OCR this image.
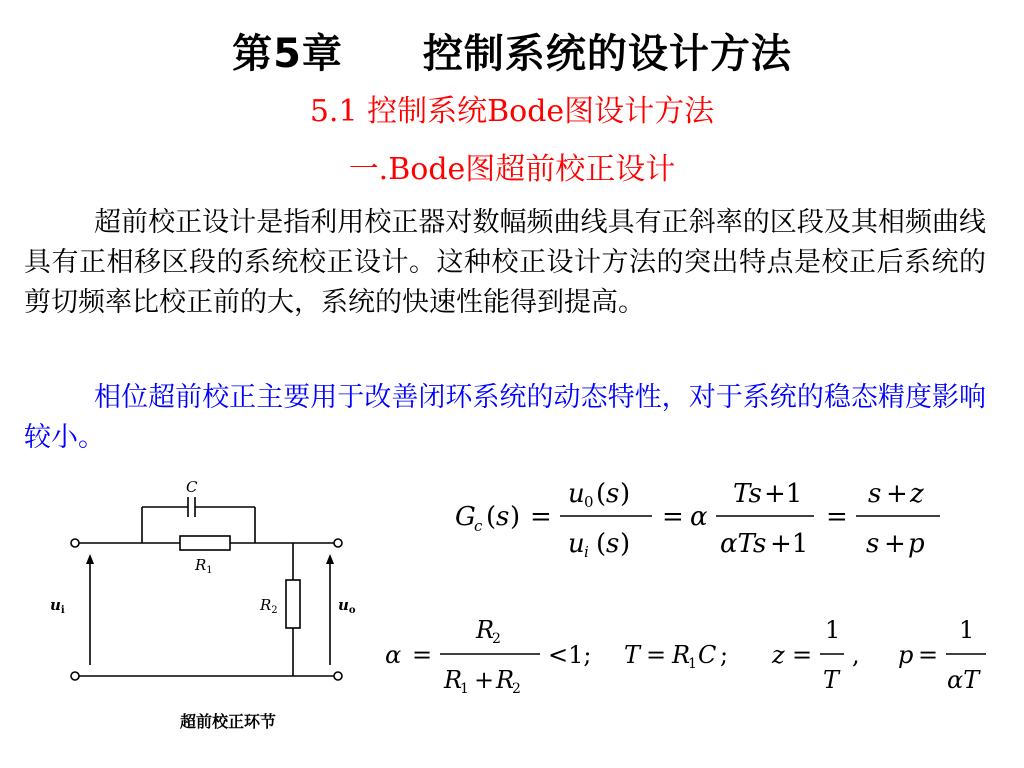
第5章 控制系统的设计方法
5.1 控制系统Bode图设计方法
一.Bode图超前校正设计
超前校正设计是指利用校正器对数幅频曲线具有正斜率的区段及其相频曲线具有正相移区段的系统校正设计。这种校正设计方法的突出特点是校正后系统的剪切频率比校正前的大，系统的快速性能得到提高。
相位超前校正主要用于改善闭环系统的动态特性，对于系统的稳态精度影响较小。
C
$R_1$
$R_2$
$u_i$	$u_o$
超前校正环节
G
c ( s ) =
u 0 ( s )
u i ( s )
= α
Ts +1
αTs +1
=
s + z
s + p
α =
R
2
R
1 + R
2
<1; T = R
1 C ; z =
1
T
, p =
1
αT
